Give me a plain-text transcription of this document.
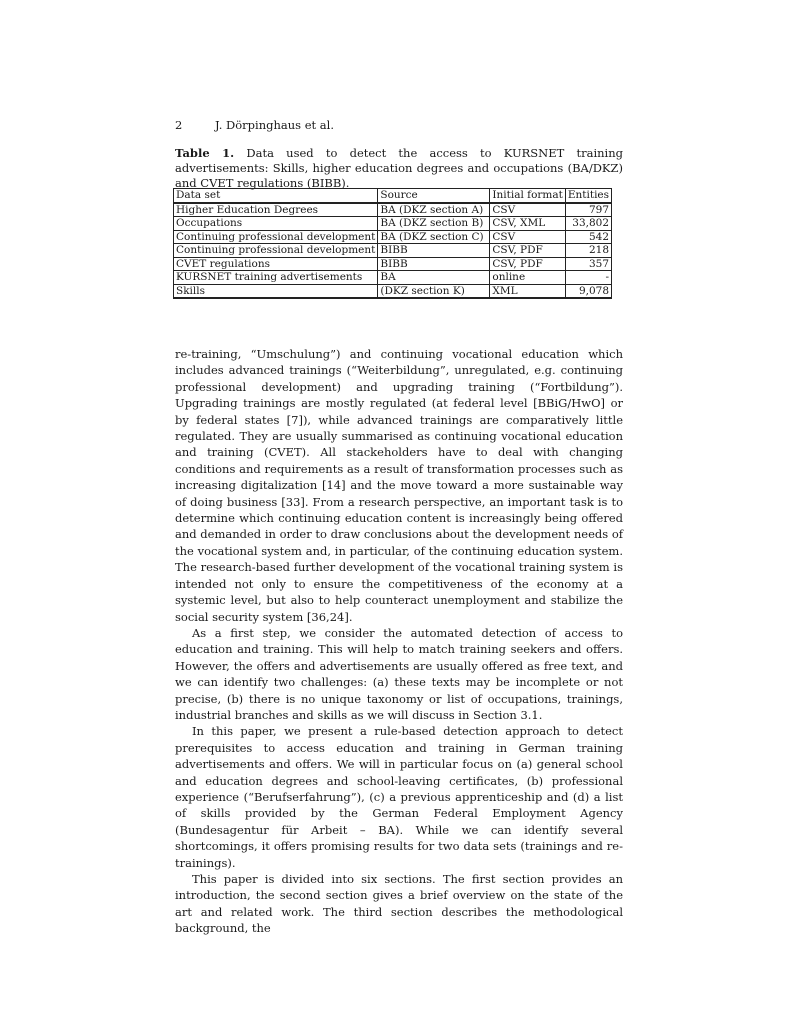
2	J. Dörpinghaus et al.
Table 1. Data used to detect the access to KURSNET training advertisements: Skills, higher education degrees and occupations (BA/DKZ) and CVET regulations (BIBB).
Data set	Source	Initial format	Entities
Higher Education Degrees	BA (DKZ section A)	CSV	797
Occupations	BA (DKZ section B)	CSV, XML	33,802
Continuing professional development	BA (DKZ section C)	CSV	542
Continuing professional development	BIBB	CSV, PDF	218
CVET regulations	BIBB	CSV, PDF	357
KURSNET training advertisements	BA	online	-
Skills	(DKZ section K)	XML	9,078

re-training, “Umschulung”) and continuing vocational education which includes advanced trainings (“Weiterbildung”, unregulated, e.g. continuing professional development) and upgrading training (“Fortbildung”). Upgrading trainings are mostly regulated (at federal level [BBiG/HwO] or by federal states [7]), while advanced trainings are comparatively little regulated. They are usually summarised as continuing vocational education and training (CVET). All stackeholders have to deal with changing conditions and requirements as a result of transformation processes such as increasing digitalization [14] and the move toward a more sustainable way of doing business [33]. From a research perspective, an important task is to determine which continuing education content is increasingly being offered and demanded in order to draw conclusions about the development needs of the vocational system and, in particular, of the continuing education system. The research-based further development of the vocational training system is intended not only to ensure the competitiveness of the economy at a systemic level, but also to help counteract unemployment and stabilize the social security system [36,24].

As a first step, we consider the automated detection of access to education and training. This will help to match training seekers and offers. However, the offers and advertisements are usually offered as free text, and we can identify two challenges: (a) these texts may be incomplete or not precise, (b) there is no unique taxonomy or list of occupations, trainings, industrial branches and skills as we will discuss in Section 3.1.

In this paper, we present a rule-based detection approach to detect prerequisites to access education and training in German training advertisements and offers. We will in particular focus on (a) general school and education degrees and school-leaving certificates, (b) professional experience (“Berufserfahrung”), (c) a previous apprenticeship and (d) a list of skills provided by the German Federal Employment Agency (Bundesagentur für Arbeit – BA). While we can identify several shortcomings, it offers promising results for two data sets (trainings and re-trainings).

This paper is divided into six sections. The first section provides an introduction, the second section gives a brief overview on the state of the art and related work. The third section describes the methodological background, the
